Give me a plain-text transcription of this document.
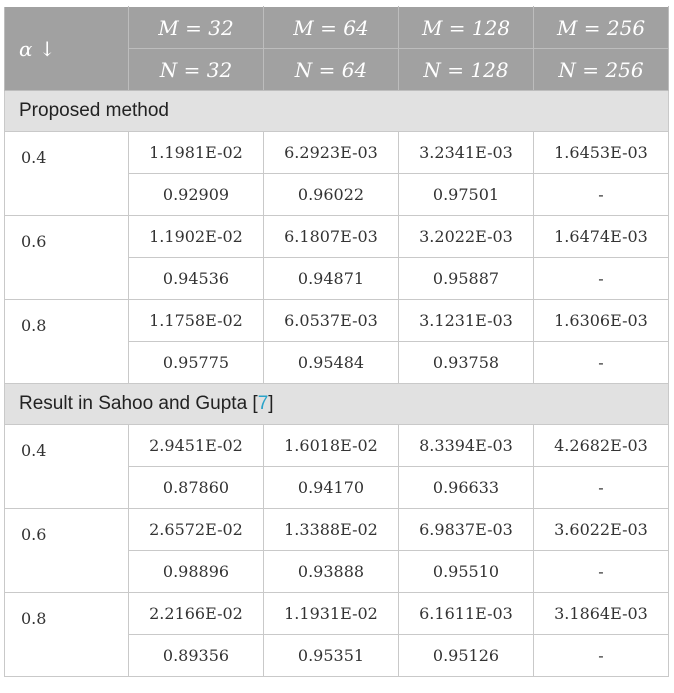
α ↓	M = 32	M = 64	M = 128	M = 256
	N = 32	N = 64	N = 128	N = 256
Proposed method				
0.4	1.1981E-02	6.2923E-03	3.2341E-03	1.6453E-03
	0.92909	0.96022	0.97501	-
0.6	1.1902E-02	6.1807E-03	3.2022E-03	1.6474E-03
	0.94536	0.94871	0.95887	-
0.8	1.1758E-02	6.0537E-03	3.1231E-03	1.6306E-03
	0.95775	0.95484	0.93758	-
Result in Sahoo and Gupta [7]				
0.4	2.9451E-02	1.6018E-02	8.3394E-03	4.2682E-03
	0.87860	0.94170	0.96633	-
0.6	2.6572E-02	1.3388E-02	6.9837E-03	3.6022E-03
	0.98896	0.93888	0.95510	-
0.8	2.2166E-02	1.1931E-02	6.1611E-03	3.1864E-03
	0.89356	0.95351	0.95126	-
